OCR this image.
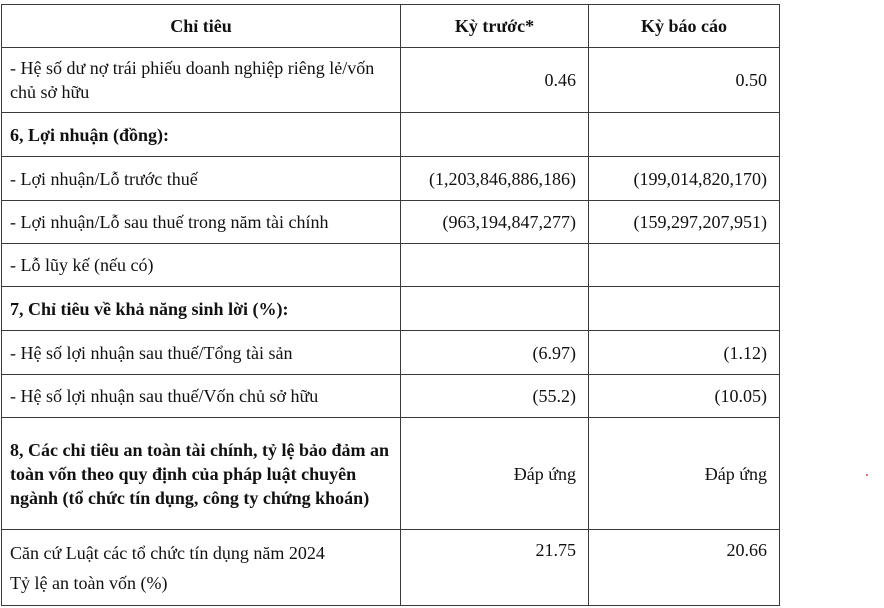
Chỉ tiêu	Kỳ trước*	Kỳ báo cáo
- Hệ số dư nợ trái phiếu doanh nghiệp riêng lẻ/vốn chủ sở hữu	0.46	0.50
6, Lợi nhuận (đồng):		
- Lợi nhuận/Lỗ trước thuế	(1,203,846,886,186)	(199,014,820,170)
- Lợi nhuận/Lỗ sau thuế trong năm tài chính	(963,194,847,277)	(159,297,207,951)
- Lỗ lũy kế (nếu có)		
7, Chỉ tiêu về khả năng sinh lời (%):		
- Hệ số lợi nhuận sau thuế/Tổng tài sản	(6.97)	(1.12)
- Hệ số lợi nhuận sau thuế/Vốn chủ sở hữu	(55.2)	(10.05)
8, Các chỉ tiêu an toàn tài chính, tỷ lệ bảo đảm an toàn vốn theo quy định của pháp luật chuyên ngành (tổ chức tín dụng, công ty chứng khoán)	Đáp ứng	Đáp ứng

Căn cứ Luật các tổ chức tín dụng năm 2024
Tỷ lệ an toàn vốn (%)	21.75	20.66
